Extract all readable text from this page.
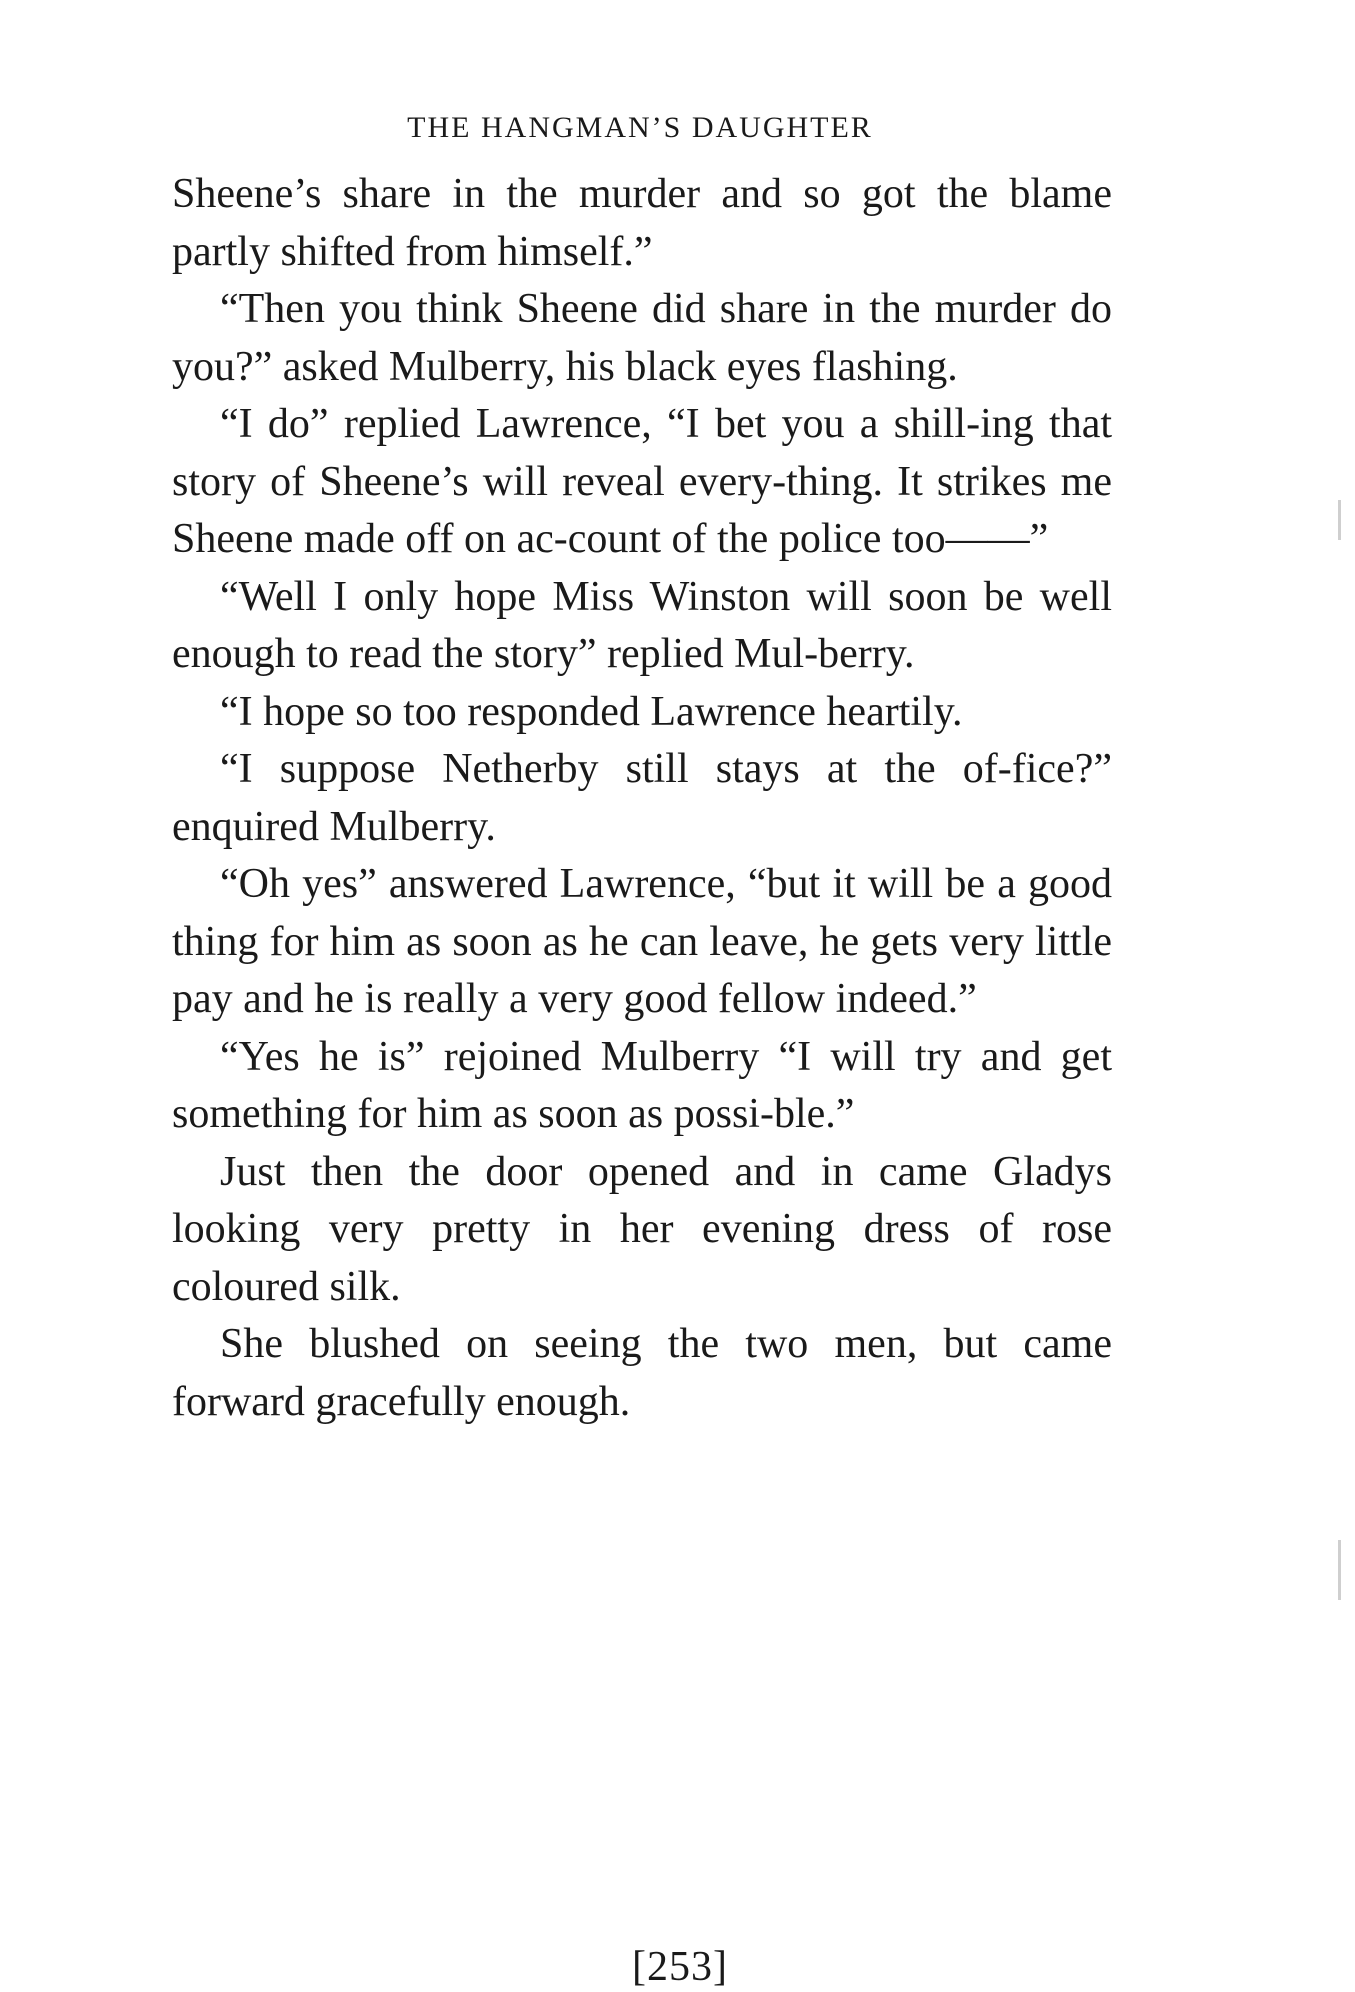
THE HANGMAN’S DAUGHTER

Sheene’s share in the murder and so got the blame partly shifted from himself.”

“Then you think Sheene did share in the murder do you?” asked Mulberry, his black eyes flashing.

“I do” replied Lawrence, “I bet you a shill-ing that story of Sheene’s will reveal every-thing. It strikes me Sheene made off on ac-count of the police too——”

“Well I only hope Miss Winston will soon be well enough to read the story” replied Mul-berry.

“I hope so too responded Lawrence heartily.

“I suppose Netherby still stays at the of-fice?” enquired Mulberry.

“Oh yes” answered Lawrence, “but it will be a good thing for him as soon as he can leave, he gets very little pay and he is really a very good fellow indeed.”

“Yes he is” rejoined Mulberry “I will try and get something for him as soon as possi-ble.”

Just then the door opened and in came Gladys looking very pretty in her evening dress of rose coloured silk.

She blushed on seeing the two men, but came forward gracefully enough.

[253]
